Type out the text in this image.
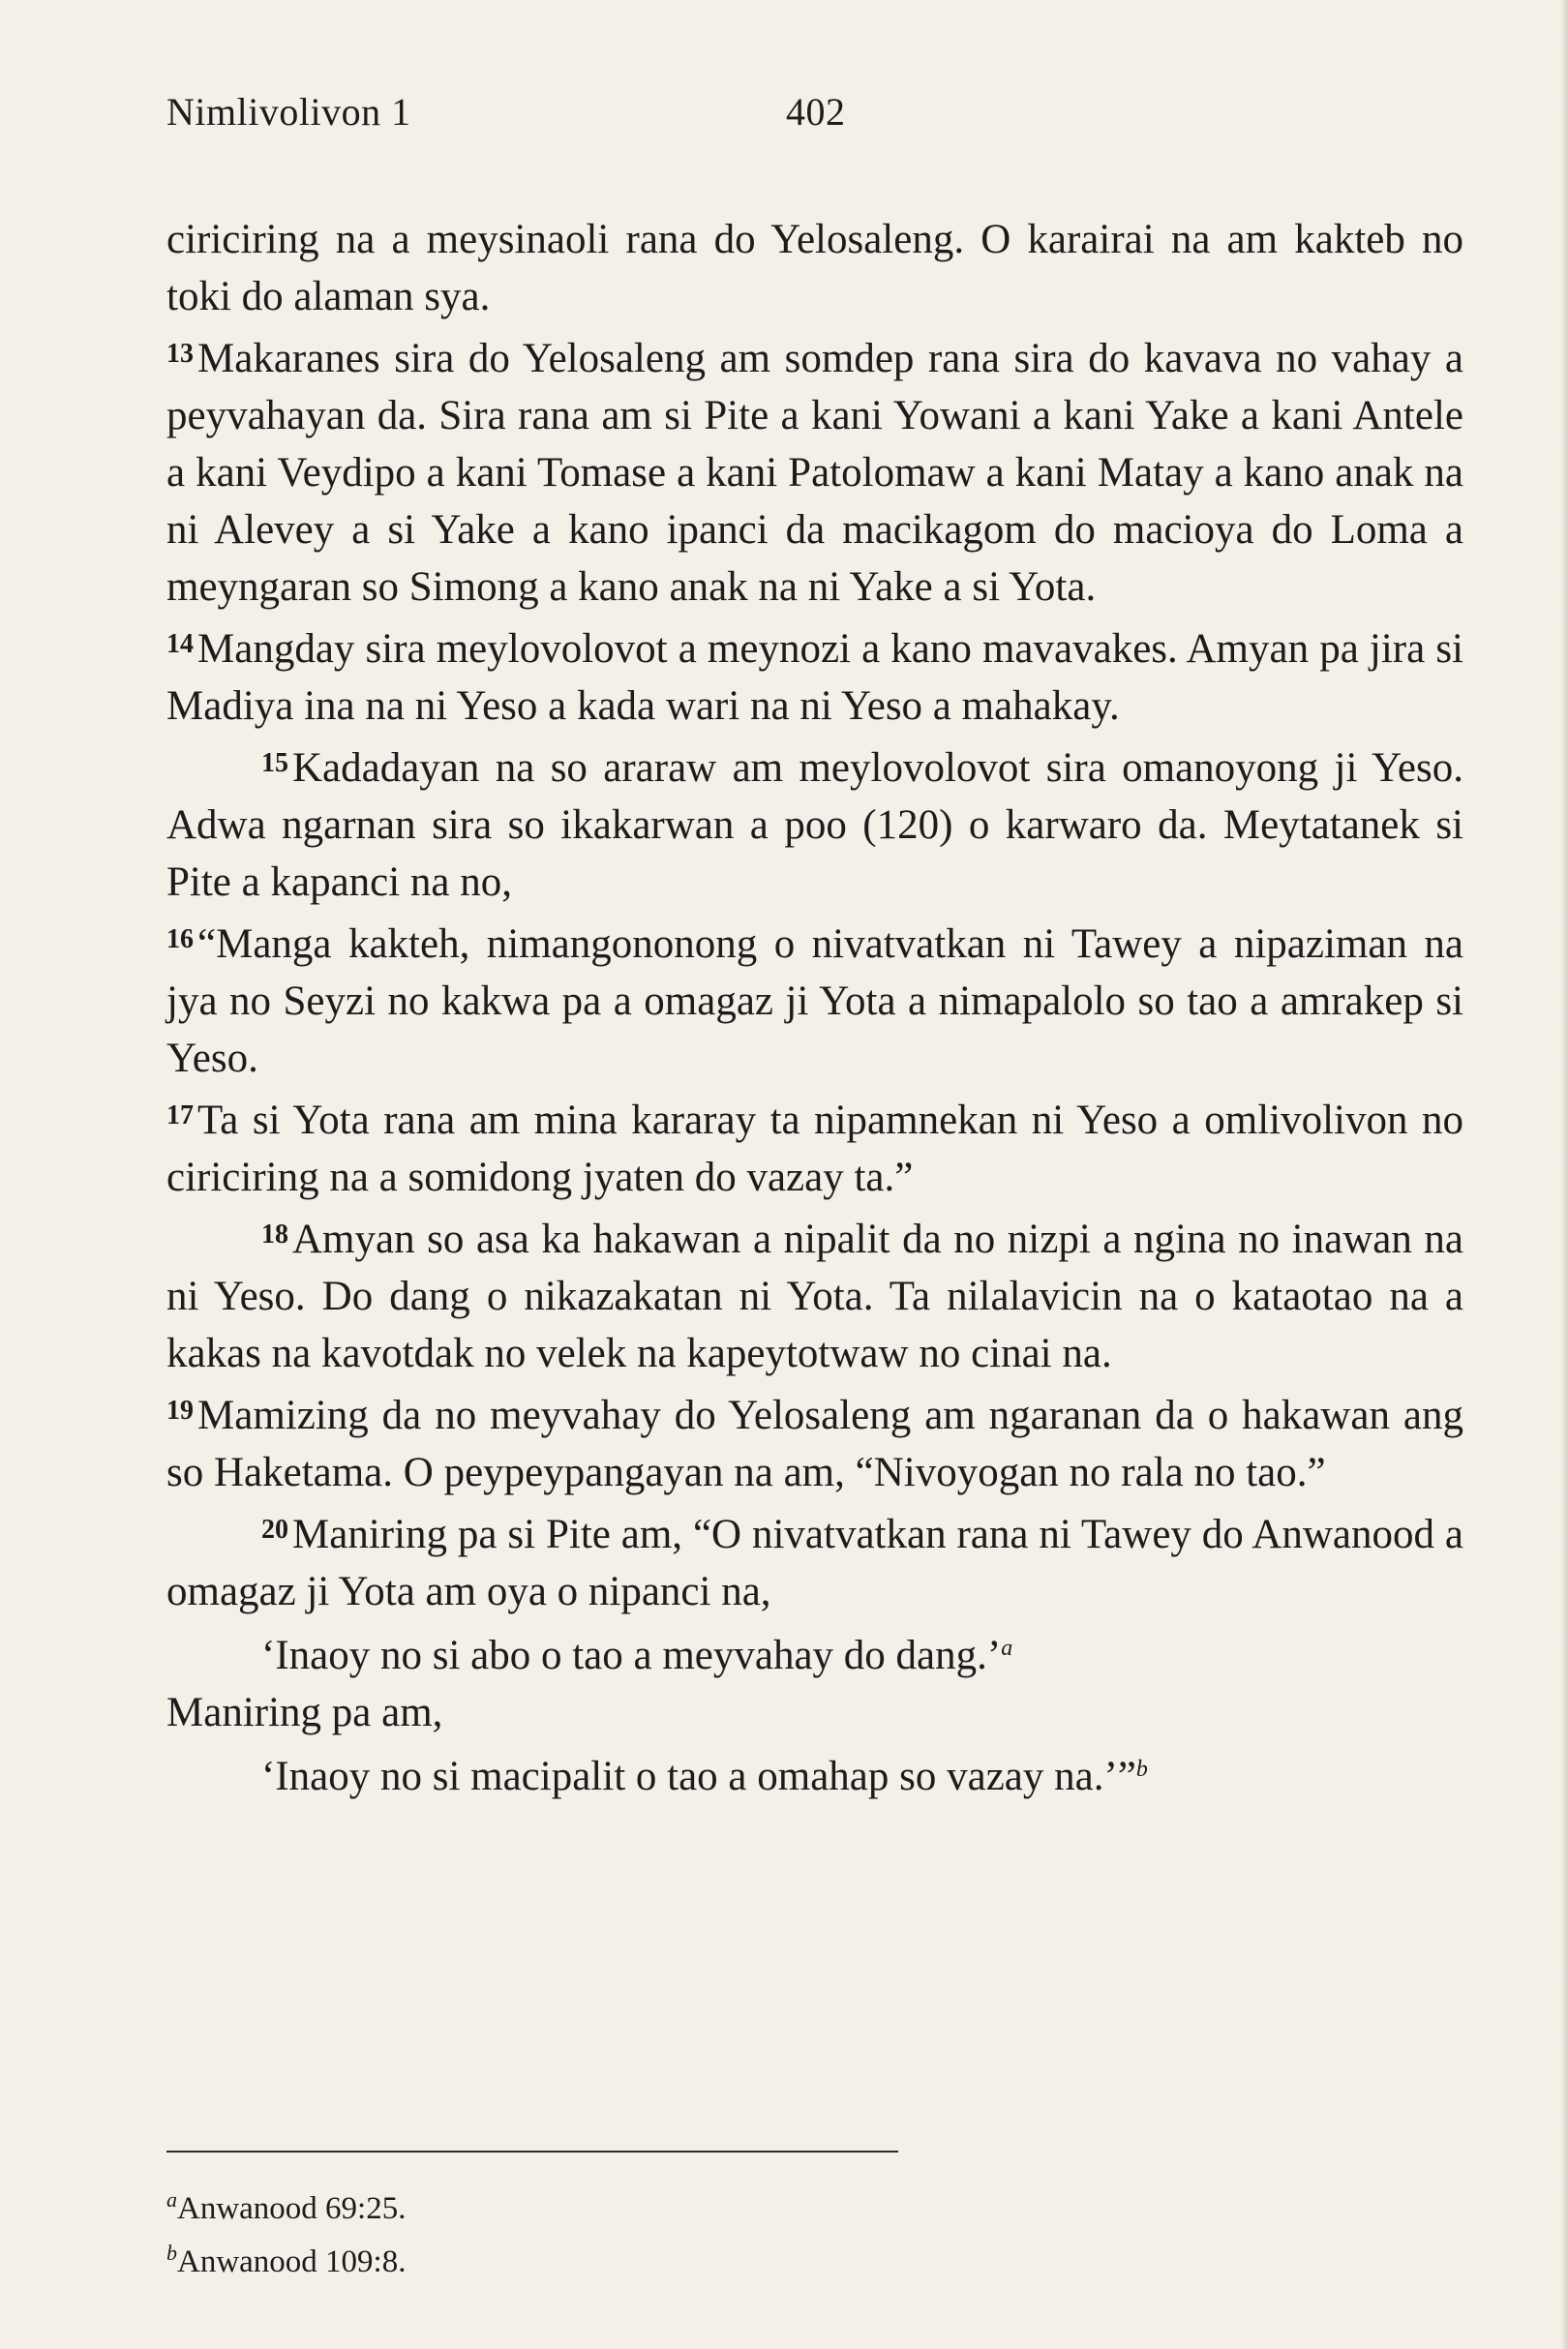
Nimlivolivon 1	402

ciriciring na a meysinaoli rana do Yelosaleng. O karairai na am kakteb no toki do alaman sya.

$^{13}$Makaranes sira do Yelosaleng am somdep rana sira do kavava no vahay a peyvahayan da. Sira rana am si Pite a kani Yowani a kani Yake a kani Antele a kani Veydipo a kani Tomase a kani Patolomaw a kani Matay a kano anak na ni Alevey a si Yake a kano ipanci da macikagom do macioya do Loma a meyngaran so Simong a kano anak na ni Yake a si Yota.

$^{14}$Mangday sira meylovolovot a meynozi a kano mavavakes. Amyan pa jira si Madiya ina na ni Yeso a kada wari na ni Yeso a mahakay.

$^{15}$Kadadayan na so araraw am meylovolovot sira omanoyong ji Yeso. Adwa ngarnan sira so ikakarwan a poo (120) o karwaro da. Meytatanek si Pite a kapanci na no,

$^{16}$“Manga kakteh, nimangononong o nivatvatkan ni Tawey a nipaziman na jya no Seyzi no kakwa pa a omagaz ji Yota a nimapalolo so tao a amrakep si Yeso.

$^{17}$Ta si Yota rana am mina kararay ta nipamnekan ni Yeso a omlivolivon no ciriciring na a somidong jyaten do vazay ta.”

$^{18}$Amyan so asa ka hakawan a nipalit da no nizpi a ngina no inawan na ni Yeso. Do dang o nikazakatan ni Yota. Ta nilalavicin na o kataotao na a kakas na kavotdak no velek na kapeytotwaw no cinai na.

$^{19}$Mamizing da no meyvahay do Yelosaleng am ngaranan da o hakawan ang so Haketama. O peypeypangayan na am, “Nivoyogan no rala no tao.”

$^{20}$Maniring pa si Pite am, “O nivatvatkan rana ni Tawey do Anwanood a omagaz ji Yota am oya o nipanci na,

‘Inaoy no si abo o tao a meyvahay do dang.’$^a$

Maniring pa am,

‘Inaoy no si macipalit o tao a omahap so vazay na.’”$^b$

$^a$Anwanood 69:25.
$^b$Anwanood 109:8.
